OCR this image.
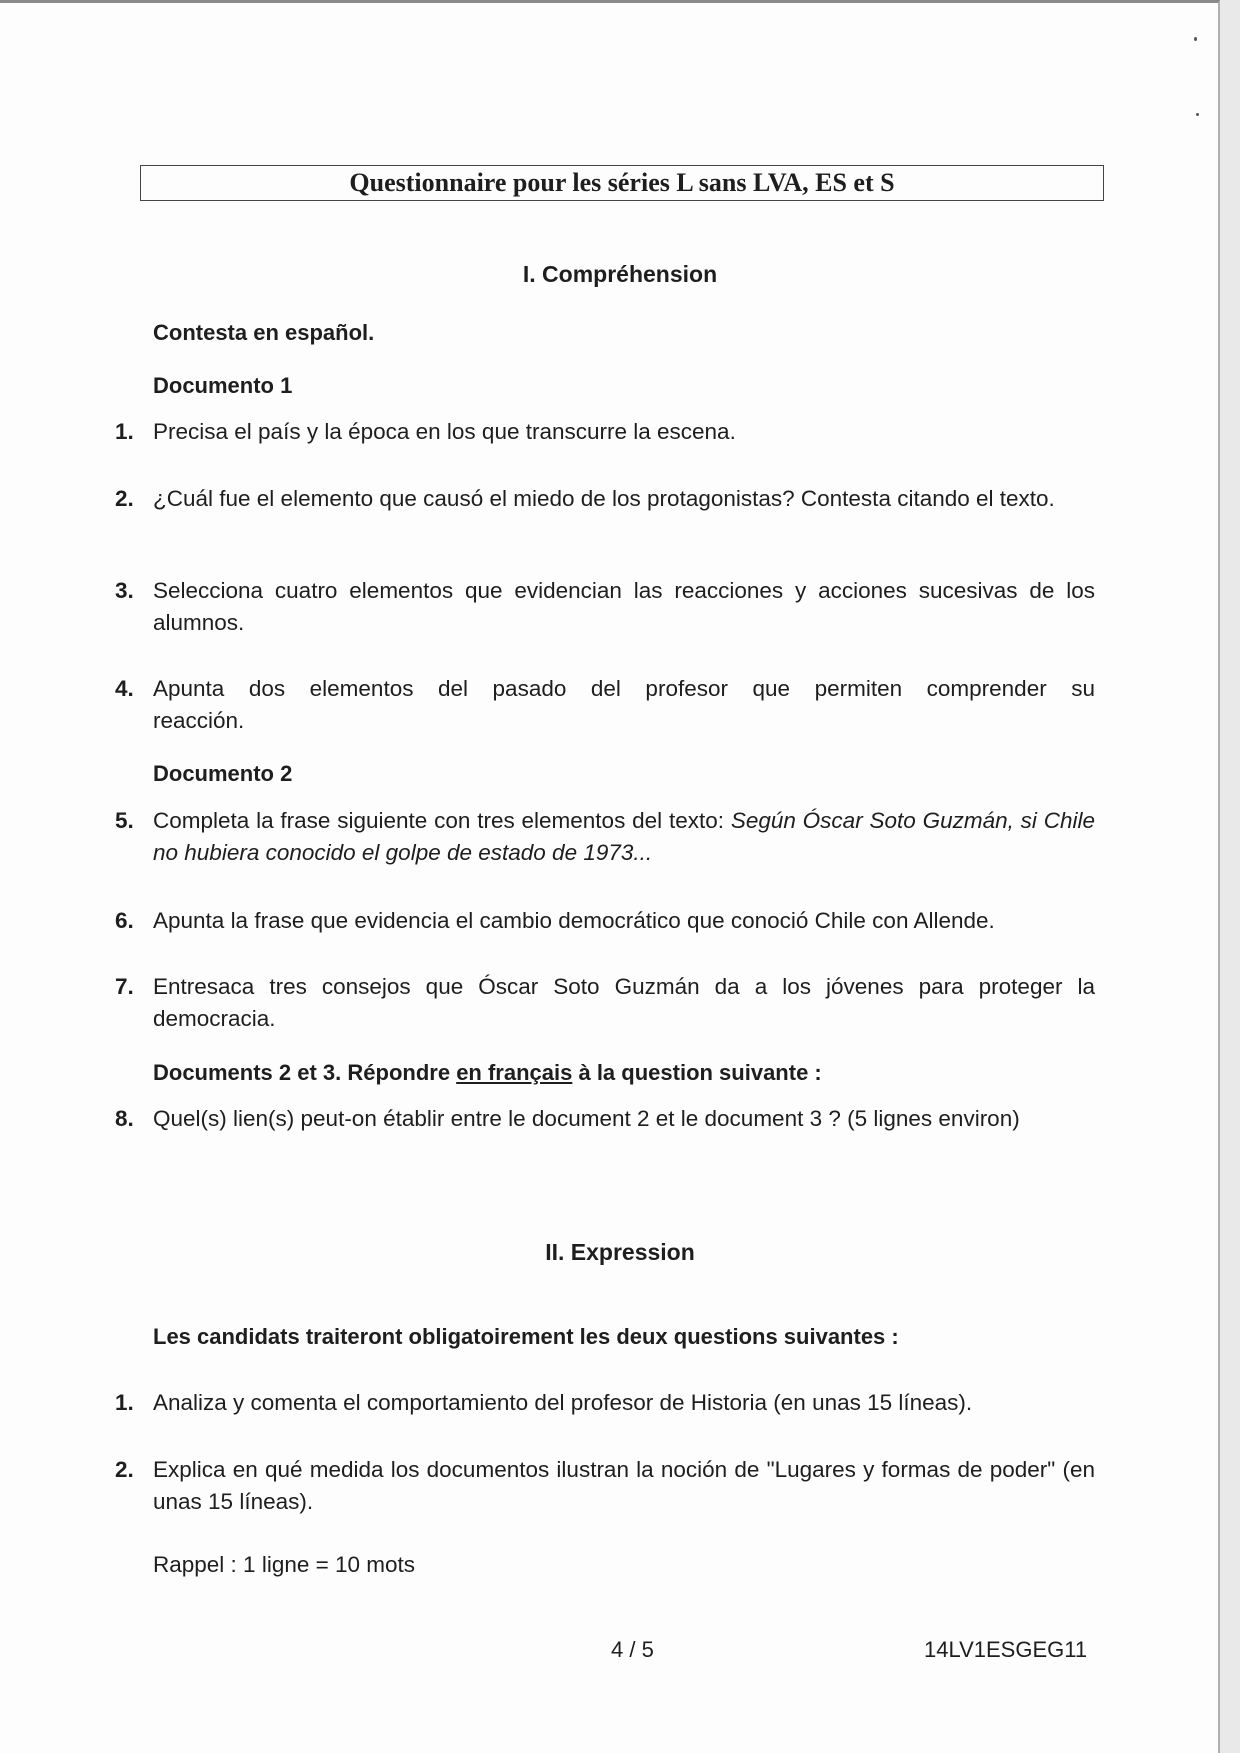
Questionnaire pour les séries L sans LVA, ES et S
I. Compréhension
Contesta en español.
Documento 1
1. Precisa el país y la época en los que transcurre la escena.
2. ¿Cuál fue el elemento que causó el miedo de los protagonistas? Contesta citando el texto.
3. Selecciona cuatro elementos que evidencian las reacciones y acciones sucesivas de los alumnos.
4. Apunta dos elementos del pasado del profesor que permiten comprender su reacción.
Documento 2
5. Completa la frase siguiente con tres elementos del texto: Según Óscar Soto Guzmán, si Chile no hubiera conocido el golpe de estado de 1973...
6. Apunta la frase que evidencia el cambio democrático que conoció Chile con Allende.
7. Entresaca tres consejos que Óscar Soto Guzmán da a los jóvenes para proteger la democracia.
Documents 2 et 3. Répondre en français à la question suivante :
8. Quel(s) lien(s) peut-on établir entre le document 2 et le document 3 ? (5 lignes environ)
II. Expression
Les candidats traiteront obligatoirement les deux questions suivantes :
1. Analiza y comenta el comportamiento del profesor de Historia (en unas 15 líneas).
2. Explica en qué medida los documentos ilustran la noción de "Lugares y formas de poder" (en unas 15 líneas).
Rappel : 1 ligne = 10 mots
4 / 5	14LV1ESGEG11
